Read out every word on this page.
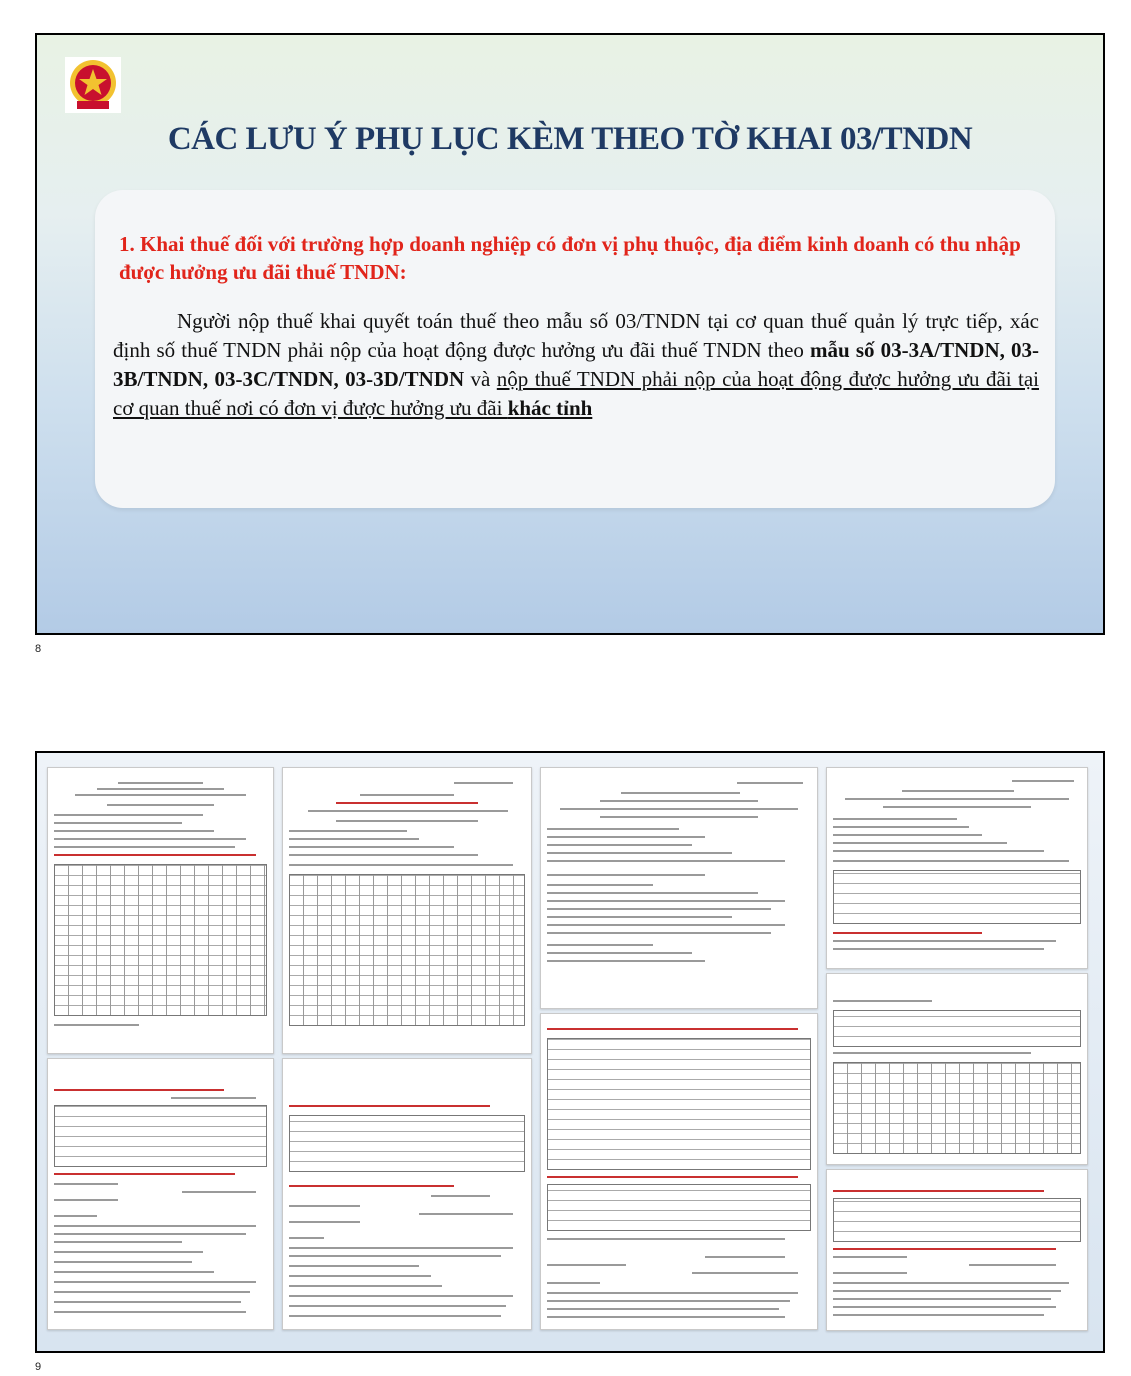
CÁC LƯU Ý PHỤ LỤC KÈM THEO TỜ KHAI 03/TNDN
1. Khai thuế đối với trường hợp doanh nghiệp có đơn vị phụ thuộc, địa điểm kinh doanh có thu nhập được hưởng ưu đãi thuế TNDN:
Người nộp thuế khai quyết toán thuế theo mẫu số 03/TNDN tại cơ quan thuế quản lý trực tiếp, xác định số thuế TNDN phải nộp của hoạt động được hưởng ưu đãi thuế TNDN theo mẫu số 03-3A/TNDN, 03-3B/TNDN, 03-3C/TNDN, 03-3D/TNDN và nộp thuế TNDN phải nộp của hoạt động được hưởng ưu đãi tại cơ quan thuế nơi có đơn vị được hưởng ưu đãi khác tỉnh
8
9
